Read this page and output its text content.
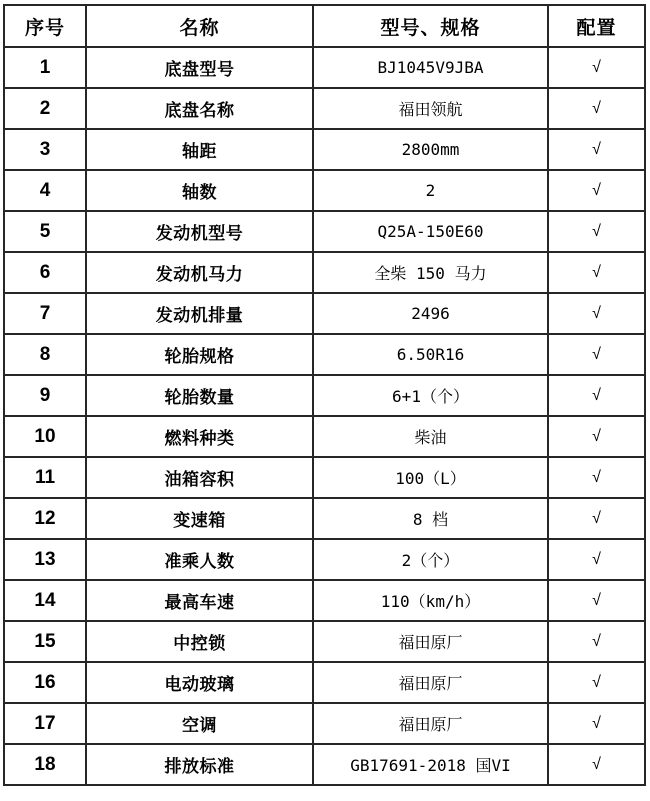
序号	名称	型号、规格	配置
1	底盘型号	BJ1045V9JBA	√
2	底盘名称	福田领航	√
3	轴距	2800mm	√
4	轴数	2	√
5	发动机型号	Q25A-150E60	√
6	发动机马力	全柴 150 马力	√
7	发动机排量	2496	√
8	轮胎规格	6.50R16	√
9	轮胎数量	6+1（个）	√
10	燃料种类	柴油	√
11	油箱容积	100（L）	√
12	变速箱	8 档	√
13	准乘人数	2（个）	√
14	最高车速	110（km/h）	√
15	中控锁	福田原厂	√
16	电动玻璃	福田原厂	√
17	空调	福田原厂	√
18	排放标准	GB17691-2018 国VI	√
